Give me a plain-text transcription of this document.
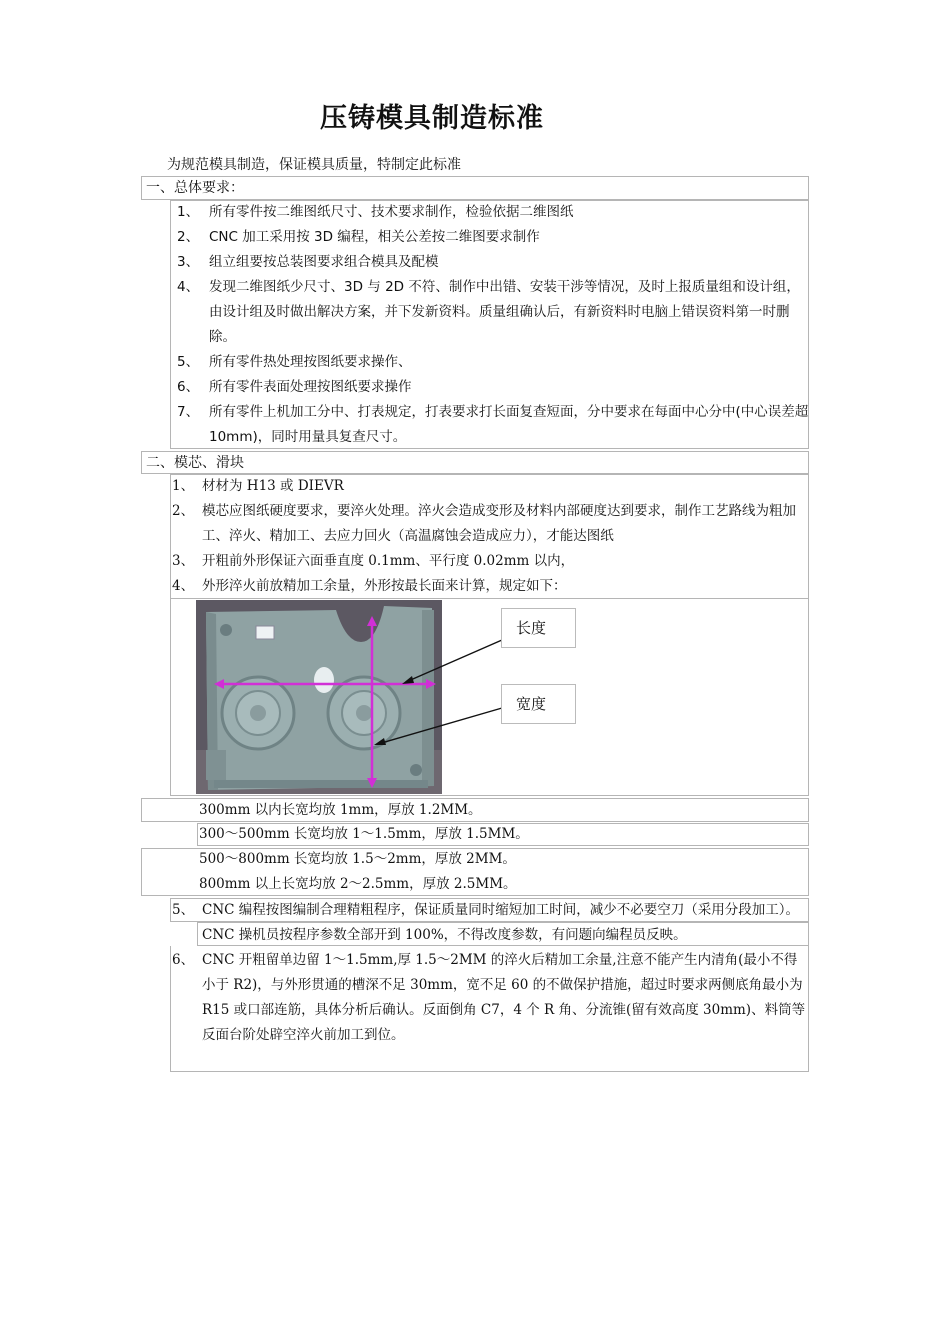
压铸模具制造标准
为规范模具制造，保证模具质量，特制定此标准
一、总体要求：
1、 所有零件按二维图纸尺寸、技术要求制作，检验依据二维图纸
2、 CNC 加工采用按 3D 编程，相关公差按二维图要求制作
3、 组立组要按总装图要求组合模具及配模
4、 发现二维图纸少尺寸、3D 与 2D 不符、制作中出错、安装干涉等情况，及时上报质量组和设计组，由设计组及时做出解决方案，并下发新资料。质量组确认后，有新资料时电脑上错误资料第一时删除。
5、 所有零件热处理按图纸要求操作、
6、 所有零件表面处理按图纸要求操作
7、 所有零件上机加工分中、打表规定，打表要求打长面复查短面，分中要求在每面中心分中(中心误差超 10mm)，同时用量具复查尺寸。
二、模芯、滑块
1、 材材为 H13 或 DIEVR
2、 模芯应图纸硬度要求，要淬火处理。淬火会造成变形及材料内部硬度达到要求，制作工艺路线为粗加工、淬火、精加工、去应力回火（高温腐蚀会造成应力），才能达图纸
3、 开粗前外形保证六面垂直度 0.1mm、平行度 0.02mm 以内，
4、 外形淬火前放精加工余量，外形按最长面来计算，规定如下：
长度
宽度
300mm 以内长宽均放 1mm，厚放 1.2MM。
300～500mm 长宽均放 1～1.5mm，厚放 1.5MM。
500～800mm 长宽均放 1.5～2mm，厚放 2MM。
800mm 以上长宽均放 2～2.5mm，厚放 2.5MM。
5、 CNC 编程按图编制合理精粗程序，保证质量同时缩短加工时间，减少不必要空刀（采用分段加工）。CNC 操机员按程序参数全部开到 100%，不得改度参数，有问题向编程员反映。
6、 CNC 开粗留单边留 1～1.5mm,厚 1.5～2MM 的淬火后精加工余量,注意不能产生内清角(最小不得小于 R2)，与外形贯通的槽深不足 30mm，宽不足 60 的不做保护措施，超过时要求两侧底角最小为 R15 或口部连筋，具体分析后确认。反面倒角 C7，4 个 R 角、分流锥(留有效高度 30mm)、料筒等反面台阶处辟空淬火前加工到位。
